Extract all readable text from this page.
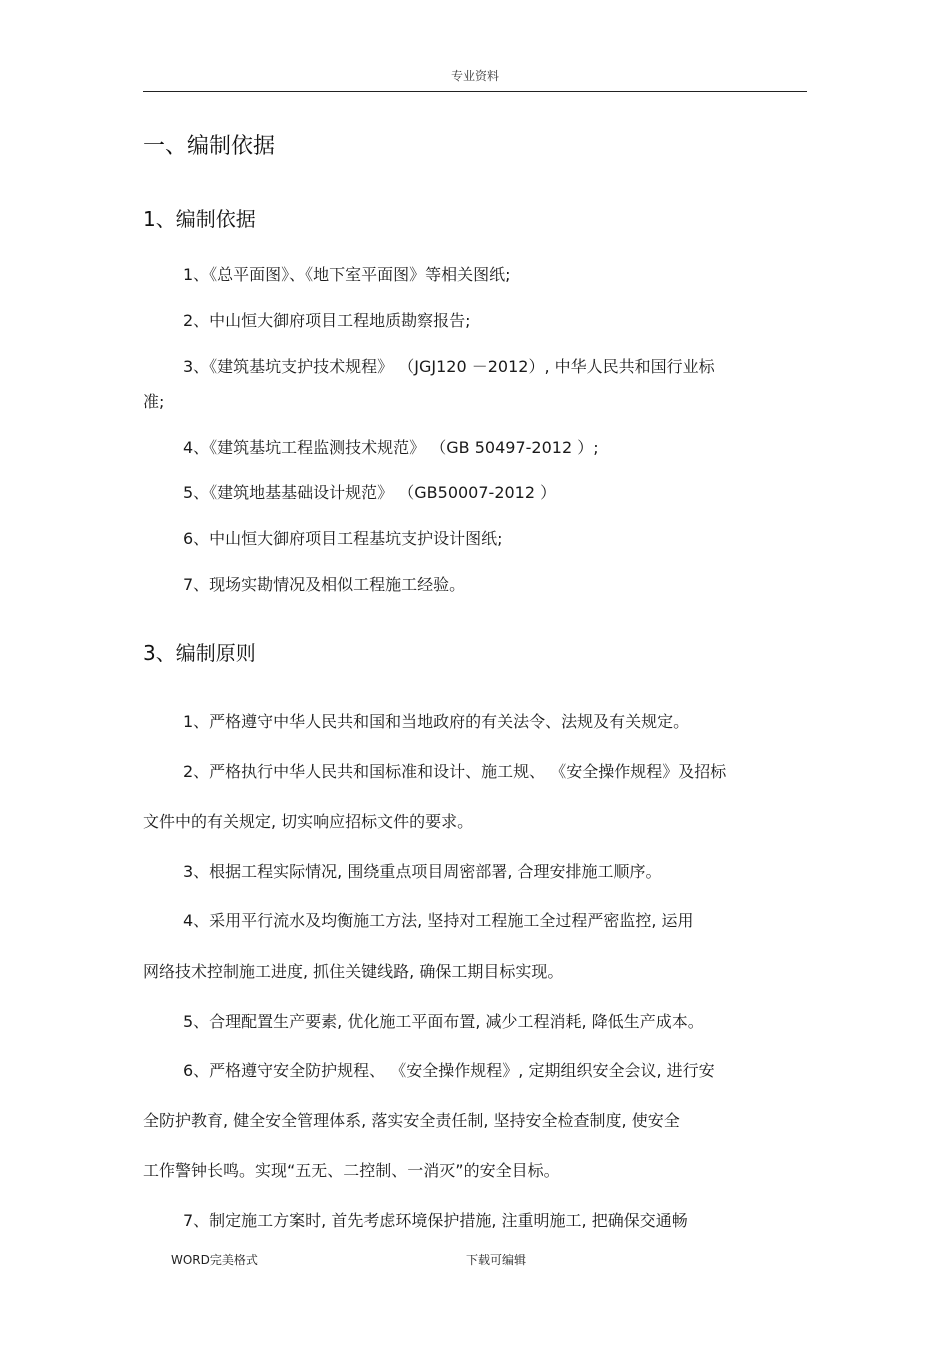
专业资料
一、编制依据
1、编制依据
1、《总平面图》、《地下室平面图》等相关图纸;
2、中山恒大御府项目工程地质勘察报告;
3、《建筑基坑支护技术规程》 （JGJ120 －2012）, 中华人民共和国行业标
准;
4、《建筑基坑工程监测技术规范》 （GB 50497-2012 ）;
5、《建筑地基基础设计规范》 （GB50007-2012 ）
6、中山恒大御府项目工程基坑支护设计图纸;
7、现场实勘情况及相似工程施工经验。
3、编制原则
1、严格遵守中华人民共和国和当地政府的有关法令、法规及有关规定。
2、严格执行中华人民共和国标准和设计、施工规、 《安全操作规程》及招标
文件中的有关规定, 切实响应招标文件的要求。
3、根据工程实际情况, 围绕重点项目周密部署, 合理安排施工顺序。
4、采用平行流水及均衡施工方法, 坚持对工程施工全过程严密监控, 运用
网络技术控制施工进度, 抓住关键线路, 确保工期目标实现。
5、合理配置生产要素, 优化施工平面布置, 减少工程消耗, 降低生产成本。
6、严格遵守安全防护规程、 《安全操作规程》, 定期组织安全会议, 进行安
全防护教育, 健全安全管理体系, 落实安全责任制, 坚持安全检查制度, 使安全
工作警钟长鸣。实现“五无、二控制、一消灭”的安全目标。
7、制定施工方案时, 首先考虑环境保护措施, 注重明施工, 把确保交通畅
WORD完美格式	下载可编辑
